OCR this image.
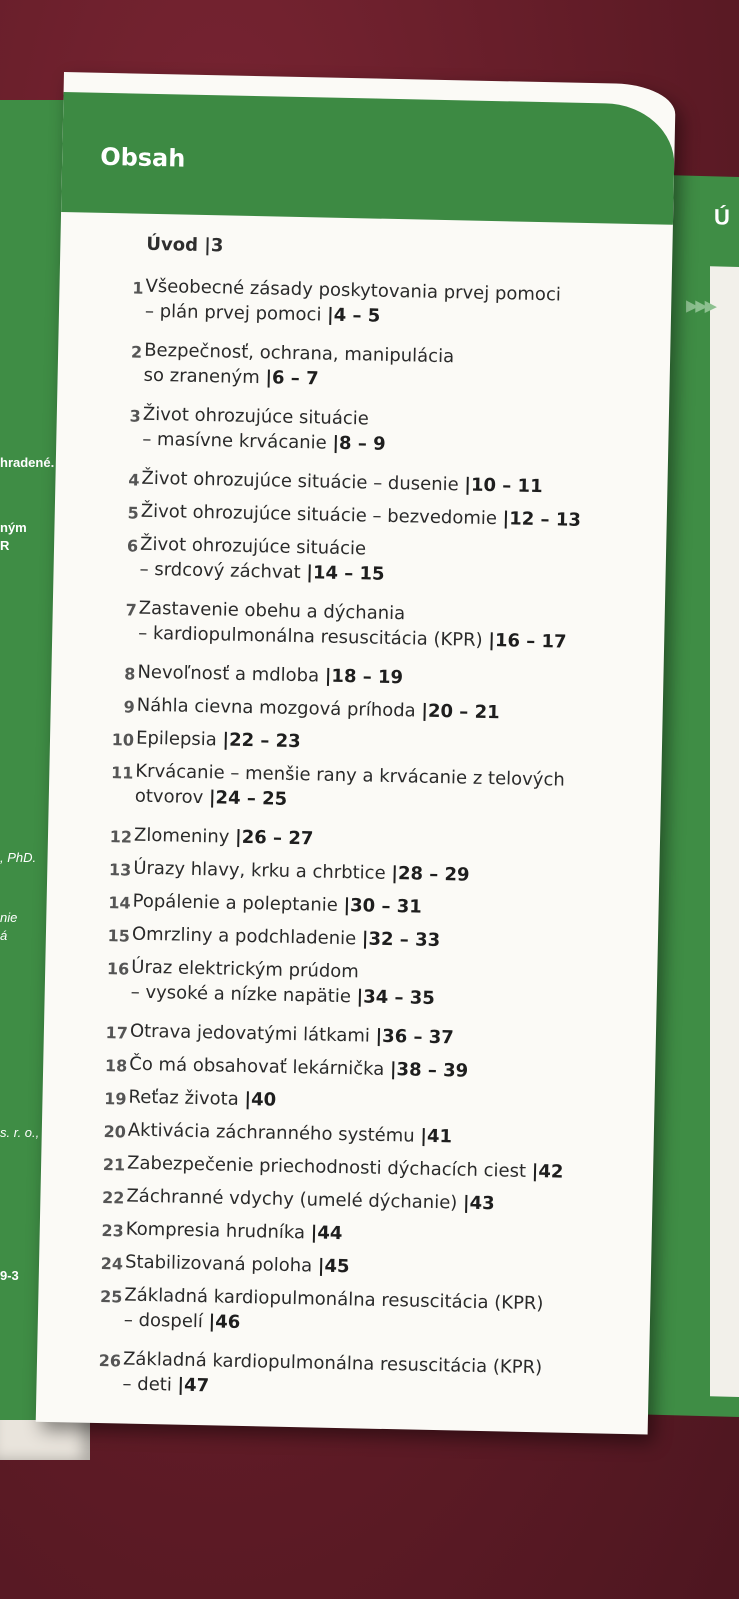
hradené.
ným
R
, PhD.
nie
á
s. r. o.,
9-3
Ú
▶▶▶
Obsah
Úvod |3
1 Všeobecné zásady poskytovania prvej pomoci
– plán prvej pomoci |4 – 5
2 Bezpečnosť, ochrana, manipulácia
so zraneným |6 – 7
3 Život ohrozujúce situácie
– masívne krvácanie |8 – 9
4 Život ohrozujúce situácie – dusenie |10 – 11
5 Život ohrozujúce situácie – bezvedomie |12 – 13
6 Život ohrozujúce situácie
– srdcový záchvat |14 – 15
7 Zastavenie obehu a dýchania
– kardiopulmonálna resuscitácia (KPR) |16 – 17
8 Nevoľnosť a mdloba |18 – 19
9 Náhla cievna mozgová príhoda |20 – 21
10 Epilepsia |22 – 23
11 Krvácanie – menšie rany a krvácanie z telových
otvorov |24 – 25
12 Zlomeniny |26 – 27
13 Úrazy hlavy, krku a chrbtice |28 – 29
14 Popálenie a poleptanie |30 – 31
15 Omrzliny a podchladenie |32 – 33
16 Úraz elektrickým prúdom
– vysoké a nízke napätie |34 – 35
17 Otrava jedovatými látkami |36 – 37
18 Čo má obsahovať lekárnička |38 – 39
19 Reťaz života |40
20 Aktivácia záchranného systému |41
21 Zabezpečenie priechodnosti dýchacích ciest |42
22 Záchranné vdychy (umelé dýchanie) |43
23 Kompresia hrudníka |44
24 Stabilizovaná poloha |45
25 Základná kardiopulmonálna resuscitácia (KPR)
– dospelí |46
26 Základná kardiopulmonálna resuscitácia (KPR)
– deti |47
